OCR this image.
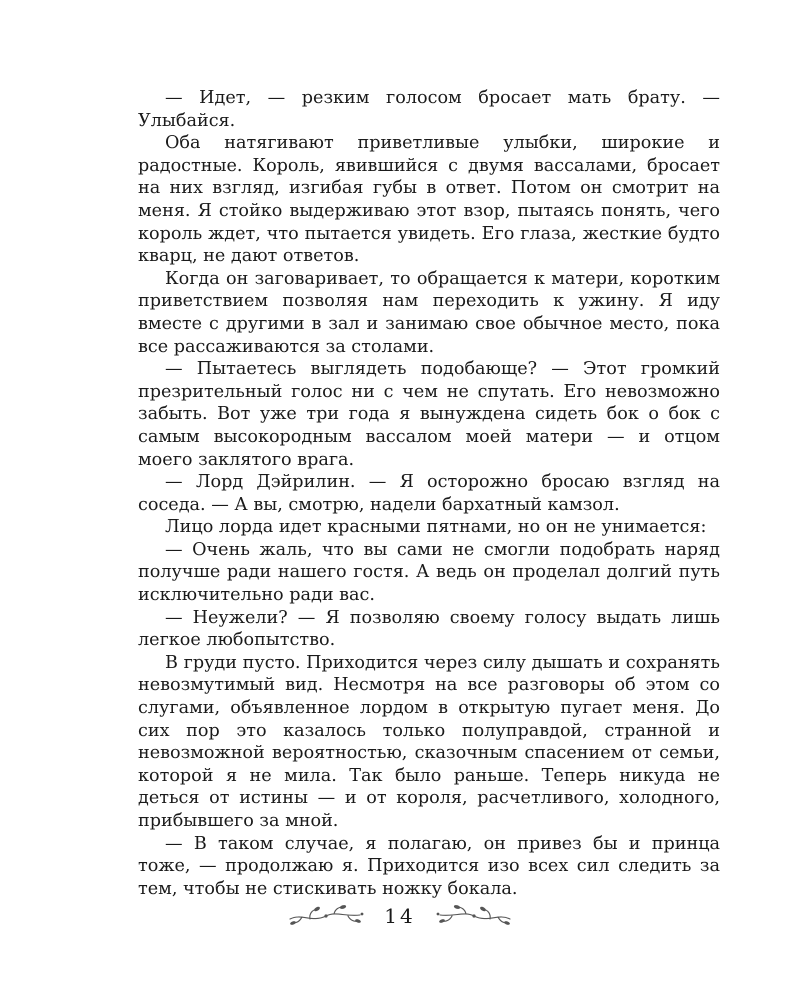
— Идет, — резким голосом бросает мать брату. — Улыбайся.

Оба натягивают приветливые улыбки, широкие и радостные. Король, явившийся с двумя вассалами, бросает на них взгляд, изгибая губы в ответ. Потом он смотрит на меня. Я стойко выдерживаю этот взор, пытаясь понять, чего король ждет, что пытается увидеть. Его глаза, жесткие будто кварц, не дают ответов.

Когда он заговаривает, то обращается к матери, коротким приветствием позволяя нам переходить к ужину. Я иду вместе с другими в зал и занимаю свое обычное место, пока все рассаживаются за столами.

— Пытаетесь выглядеть подобающе? — Этот громкий презрительный голос ни с чем не спутать. Его невозможно забыть. Вот уже три года я вынуждена сидеть бок о бок с самым высокородным вассалом моей матери — и отцом моего заклятого врага.

— Лорд Дэйрилин. — Я осторожно бросаю взгляд на соседа. — А вы, смотрю, надели бархатный камзол.

Лицо лорда идет красными пятнами, но он не унимается:

— Очень жаль, что вы сами не смогли подобрать наряд получше ради нашего гостя. А ведь он проделал долгий путь исключительно ради вас.

— Неужели? — Я позволяю своему голосу выдать лишь легкое любопытство.

В груди пусто. Приходится через силу дышать и сохранять невозмутимый вид. Несмотря на все разговоры об этом со слугами, объявленное лордом в открытую пугает меня. До сих пор это казалось только полуправдой, странной и невозможной вероятностью, сказочным спасением от семьи, которой я не мила. Так было раньше. Теперь никуда не деться от истины — и от короля, расчетливого, холодного, прибывшего за мной.

— В таком случае, я полагаю, он привез бы и принца тоже, — продолжаю я. Приходится изо всех сил следить за тем, чтобы не стискивать ножку бокала.

14
